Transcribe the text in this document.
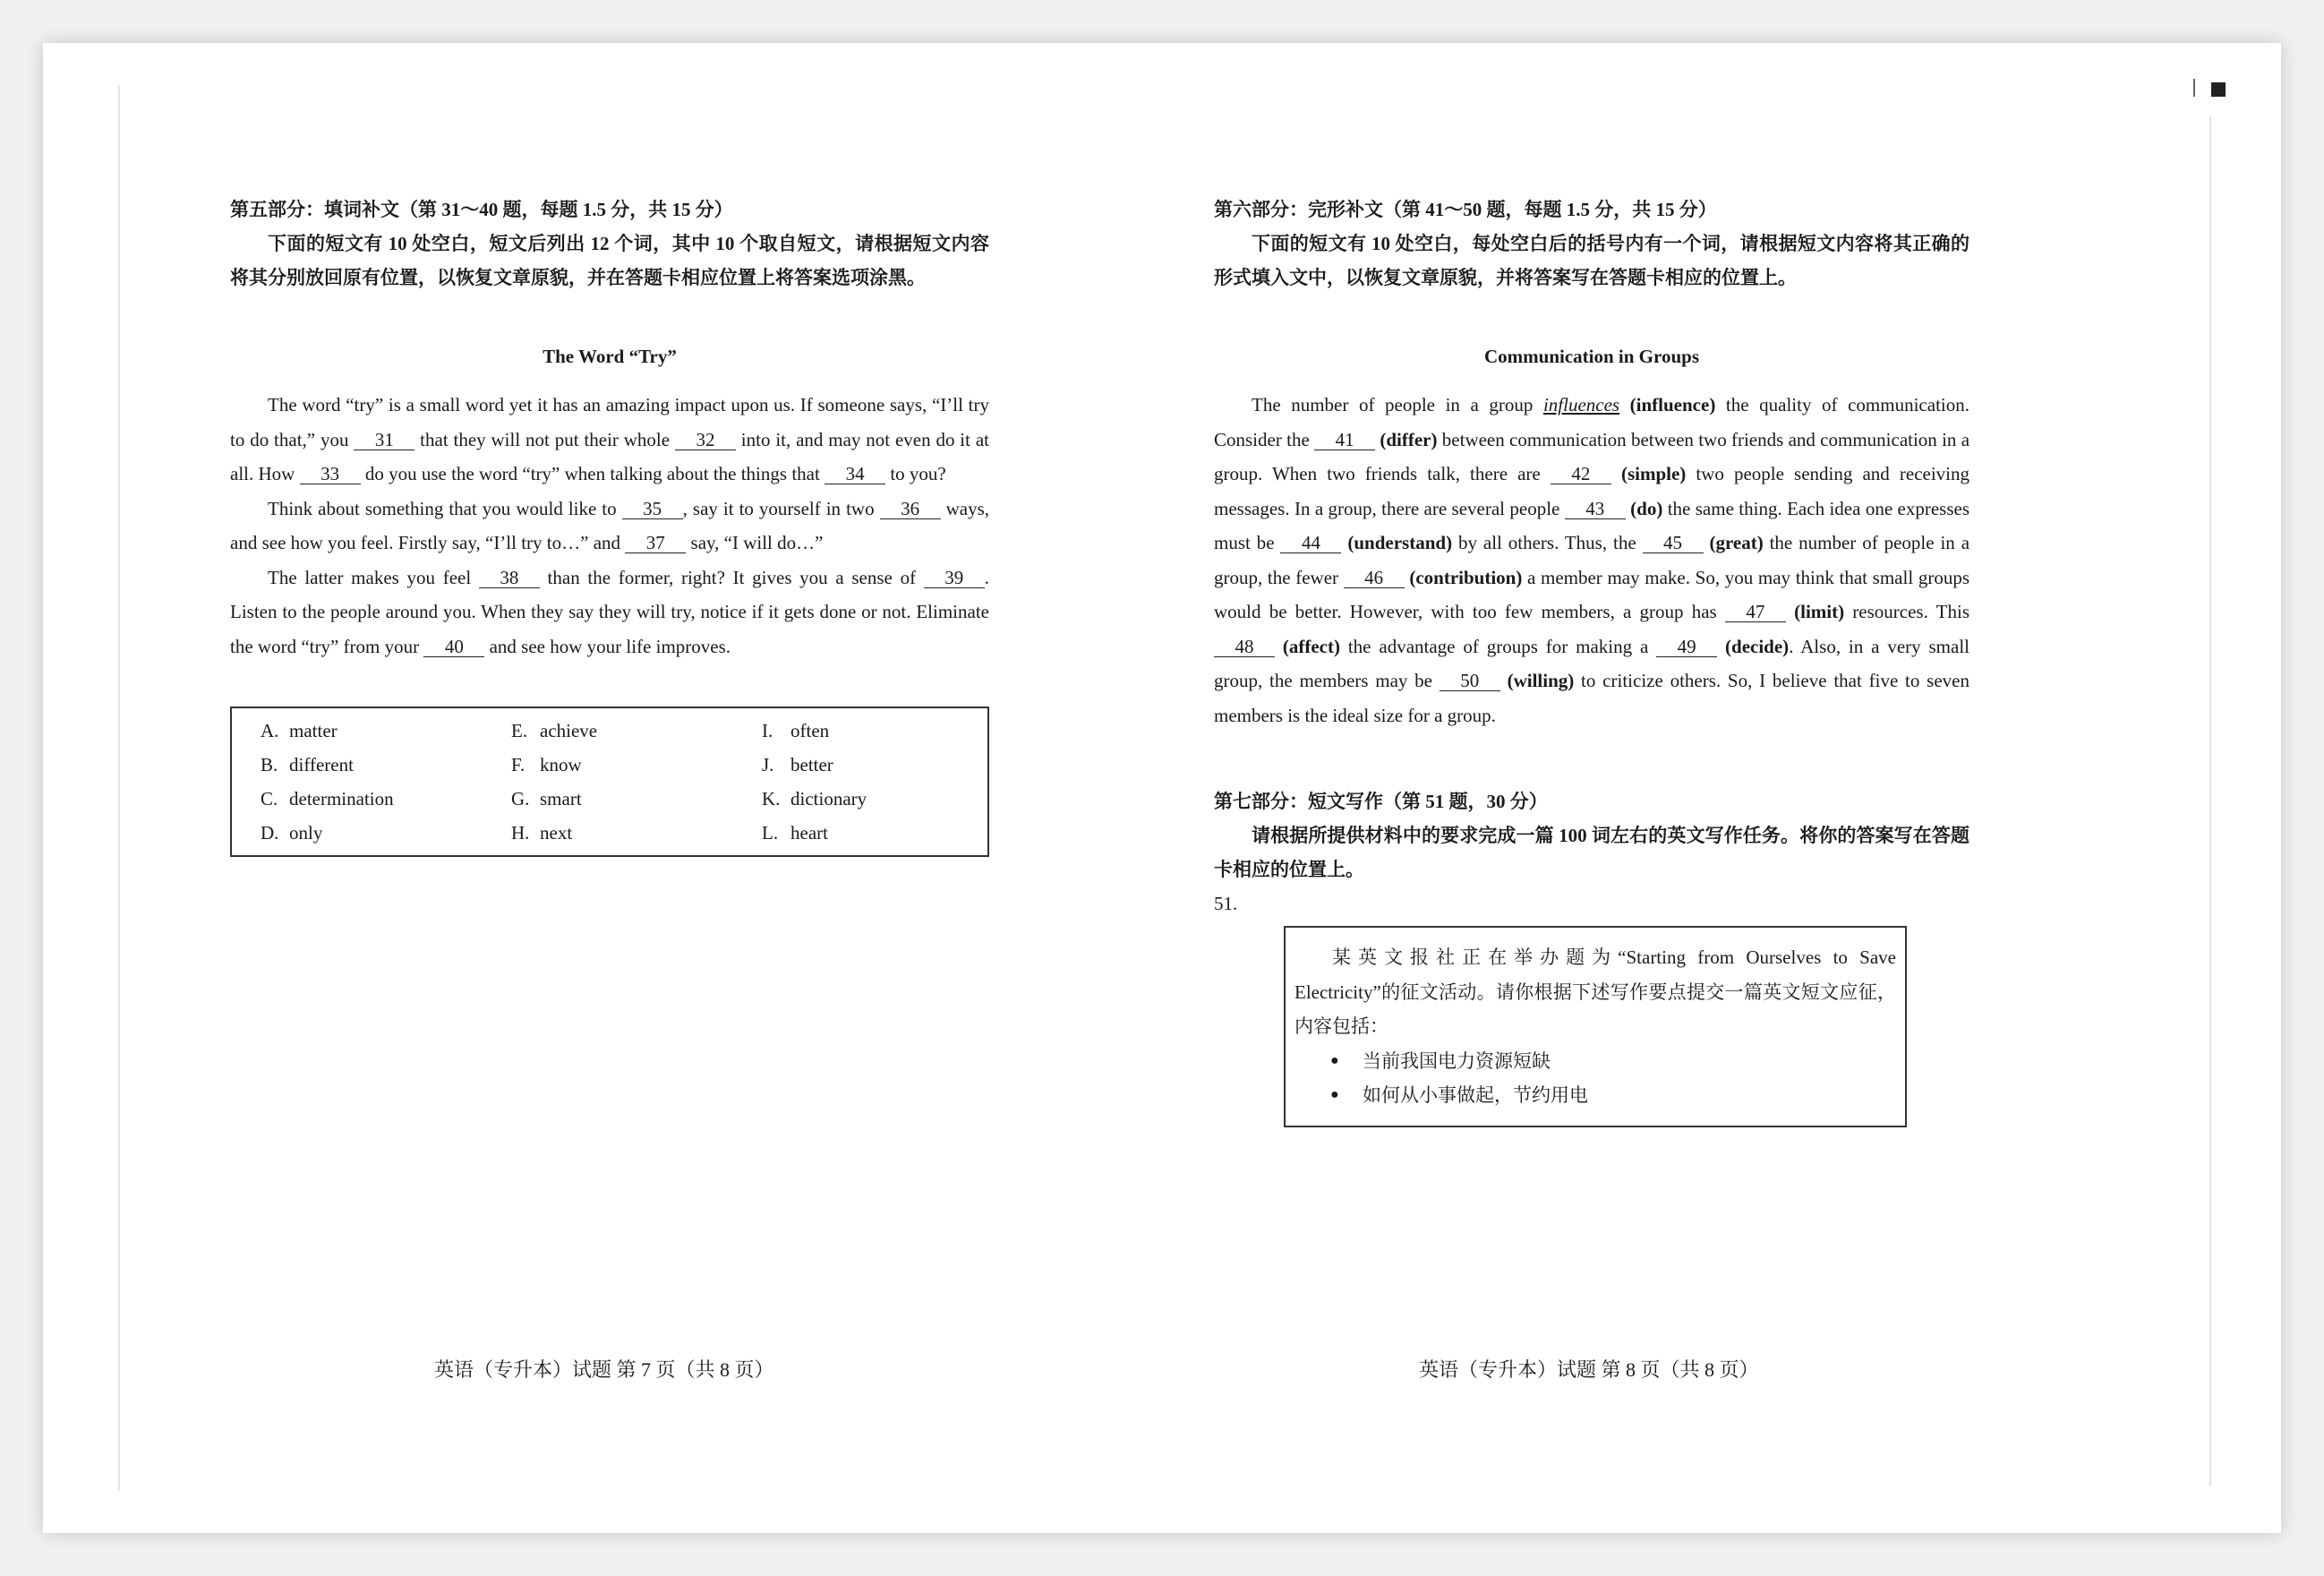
第五部分：填词补文（第 31～40 题，每题 1.5 分，共 15 分）

下面的短文有 10 处空白，短文后列出 12 个词，其中 10 个取自短文，请根据短文内容将其分别放回原有位置，以恢复文章原貌，并在答题卡相应位置上将答案选项涂黑。

The Word “Try”

The word “try” is a small word yet it has an amazing impact upon us. If someone says, “I’ll try to do that,” you 31 that they will not put their whole 32 into it, and may not even do it at all. How 33 do you use the word “try” when talking about the things that 34 to you?

Think about something that you would like to 35 , say it to yourself in two 36 ways, and see how you feel. Firstly say, “I’ll try to…” and 37 say, “I will do…”

The latter makes you feel 38 than the former, right? It gives you a sense of 39 . Listen to the people around you. When they say they will try, notice if it gets done or not. Eliminate the word “try” from your 40 and see how your life improves.

A. matter	E. achieve	I. often
B. different	F. know	J. better
C. determination	G. smart	K. dictionary
D. only	H. next	L. heart

第六部分：完形补文（第 41～50 题，每题 1.5 分，共 15 分）

下面的短文有 10 处空白，每处空白后的括号内有一个词，请根据短文内容将其正确的形式填入文中，以恢复文章原貌，并将答案写在答题卡相应的位置上。

Communication in Groups

The number of people in a group influences (influence) the quality of communication. Consider the 41 (differ) between communication between two friends and communication in a group. When two friends talk, there are 42 (simple) two people sending and receiving messages. In a group, there are several people 43 (do) the same thing. Each idea one expresses must be 44 (understand) by all others. Thus, the 45 (great) the number of people in a group, the fewer 46 (contribution) a member may make. So, you may think that small groups would be better. However, with too few members, a group has 47 (limit) resources. This 48 (affect) the advantage of groups for making a 49 (decide). Also, in a very small group, the members may be 50 (willing) to criticize others. So, I believe that five to seven members is the ideal size for a group.

第七部分：短文写作（第 51 题，30 分）

请根据所提供材料中的要求完成一篇 100 词左右的英文写作任务。将你的答案写在答题卡相应的位置上。

51.

某英文报社正在举办题为“Starting from Ourselves to Save Electricity”的征文活动。请你根据下述写作要点提交一篇英文短文应征，内容包括：

● 当前我国电力资源短缺
● 如何从小事做起，节约用电
英语（专升本）试题 第 7 页（共 8 页）	英语（专升本）试题 第 8 页（共 8 页）
